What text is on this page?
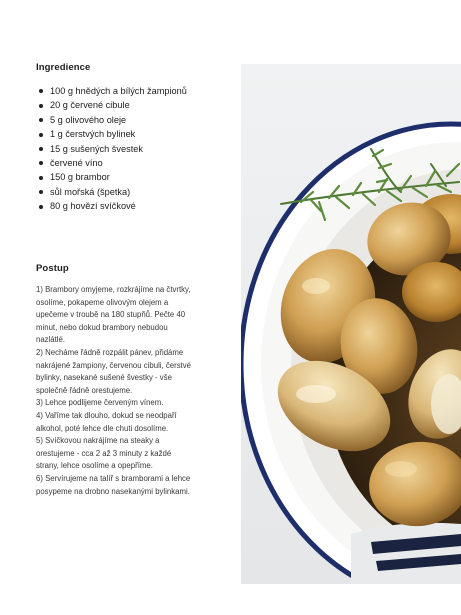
Ingredience
100 g hnědých a bílých žampionů
20 g červené cibule
5 g olivového oleje
1 g čerstvých bylinek
15 g sušených švestek
červené víno
150 g brambor
sůl mořská (špetka)
80 g hovězí svíčkové
Postup

1) Brambory omyjeme, rozkrájíme na čtvrtky, osolíme, pokapeme olivovým olejem a upečeme v troubě na 180 stupňů. Pečte 40 minut, nebo dokud brambory nebudou nazlátlé.

2) Necháme řádně rozpálit pánev, přidáme nakrájené žampiony, červenou cibuli, čerstvé bylinky, nasekané sušené švestky - vše společně řádně orestujeme.

3) Lehce podlijeme červeným vínem.

4) Vaříme tak dlouho, dokud se neodpaří alkohol, poté lehce dle chuti dosolíme.

5) Svíčkovou nakrájíme na steaky a orestujeme - cca 2 až 3 minuty z každé strany, lehce osolíme a opepříme.

6) Servírujeme na talíř s bramborami a lehce posypeme na drobno nasekanými bylinkami.
